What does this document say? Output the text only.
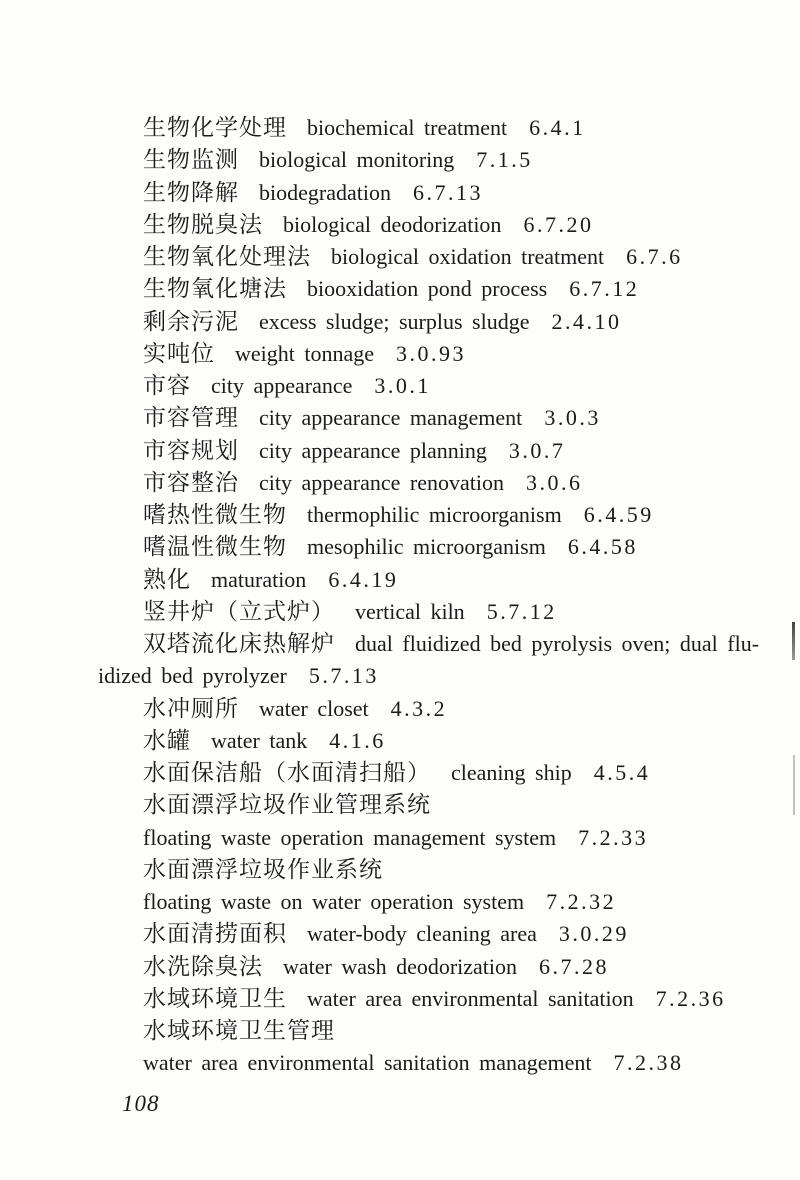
生物化学处理 biochemical treatment 6.4.1
生物监测 biological monitoring 7.1.5
生物降解 biodegradation 6.7.13
生物脱臭法 biological deodorization 6.7.20
生物氧化处理法 biological oxidation treatment 6.7.6
生物氧化塘法 biooxidation pond process 6.7.12
剩余污泥 excess sludge; surplus sludge 2.4.10
实吨位 weight tonnage 3.0.93
市容 city appearance 3.0.1
市容管理 city appearance management 3.0.3
市容规划 city appearance planning 3.0.7
市容整治 city appearance renovation 3.0.6
嗜热性微生物 thermophilic microorganism 6.4.59
嗜温性微生物 mesophilic microorganism 6.4.58
熟化 maturation 6.4.19
竖井炉（立式炉） vertical kiln 5.7.12
双塔流化床热解炉 dual fluidized bed pyrolysis oven; dual flu-
idized bed pyrolyzer 5.7.13
水冲厕所 water closet 4.3.2
水罐 water tank 4.1.6
水面保洁船（水面清扫船） cleaning ship 4.5.4
水面漂浮垃圾作业管理系统
floating waste operation management system 7.2.33
水面漂浮垃圾作业系统
floating waste on water operation system 7.2.32
水面清捞面积 water-body cleaning area 3.0.29
水洗除臭法 water wash deodorization 6.7.28
水域环境卫生 water area environmental sanitation 7.2.36
水域环境卫生管理
water area environmental sanitation management 7.2.38
108
